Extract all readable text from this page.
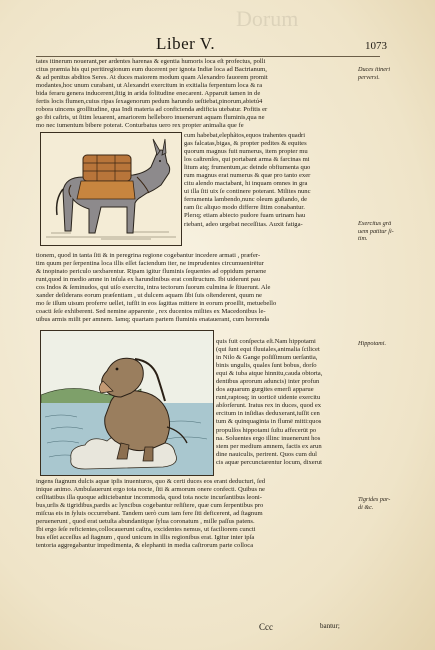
Dorum
Liber V.	1073
tates itinerum nouerant,per ardentes harenas & egentia humoris loca eſt profectus, polli
citus præmia his qui peritiregionum eum ducerent per ignota Indiæ loca ad Bactrianum,
& ad penitus abditos Seres. At duces maiorem modum quam Alexandro fauorem promit
modantes,hoc unum curabant, ut Alexandri exercitum in exitialia ferpentum loca & ra
bida feraru genera inducerent,ſitig in arida folitudine enecarent. Apparuit tamen in de
fertis locis flumen,cuius ripas ſexagenorum pedum harundo ueſtiebat,pinorum,abietú4
robora uincens groſſitudine, qua Indi materia ad conficienda ædificia utebatur. Pofitis er
go ibi caſtris, ut ſitim leuarent, amariorem helleboro inuenerunt aquam fluminis,qua ne
mo nec iumentum bibere poterat. Conturbatus uero rex propter animalia que fe
cum habebat,elephãtos,equos trahentes quadri
gas falcatas,bigas, & propter pedites & equites
quorum magnus fuit numerus, item propter mu
los caſtrenſes, qui portabant arma & farcinas mi
litum atq; frumentum,ac deinde obfiumenta quo
rum magnus erat numerus & quæ pro tanto exer
citu alendo mactabant, hi inquam omnes in gra
ui illa ſiti uix ſe continere poterant. Milites nunc
ferramenta lambendo,nunc oleum guſtando, de
ram ſic aliquo modo differre ſitim conabantur.
Plerıq; etiam abiecto pudore fuam urinam hau
riebant, adeo urgebat neceſſitas. Auxit fatiga-
tionem, quod in tanta ſiti & in peregrina regione cogebantur incedere armati , præfer-
tim quum per ſerpentina loca illis eſſet faciendum iter, ne imprudentes circumuenirētur
& inopinato periculo uexbarentur. Ripam igitur fluminis ſequentes ad oppidum peruene
runt,quod in medio amne in inſula ex harundinibus erat conſtructum. Ibi uiderunt pau
cos Indos & ſeminudos, qui uiſo exercitu, intra tectorum ſuorum culmina ſe ſtiuerunt. Ale
xander deſiderans eorum præſentiam , ut dulcem aquam ſibi ſuis oſtenderent, quum ne
mo ſe iſſum uisum proferre uellet, iufſit in eos ſagittas mittere in eorum proeſſit, metuebello
coacti ſeſe exhiberent. Sed nemine apparente , rex ducentos milites ex Macedonibus le-
uibus armis miſit per amnem. Iamq; quartam partem fluminis enatauerant, cum horrenda
quis fuit conſpecta eſt.Nam hippotami
(qui ſunt equi fluuiales,animalia ſcilicet
in Nilo & Gange poſiſſimum uerſantia,
binis ungulis, quales ſunt bobus, dorſo
equi & iuba atque hinnitu,cauda obtorta,
dentibus aprorum aduncis) inter profun
dos aquarum gurgites emerſi apparue
runt,raptosq; in uorticē uidente exercitu
abſorſerunt. Iratus rex in duces, quod ex
ercitum in inſidias deduxerant,iuſſit cen
tum & quinquaginta in flumē mitti:quos
propulſos hippotami ſuſtu affecerūt po
na. Soluentes ergo illinc inuenerunt hos
stem per medium amnem, factis ex arun
dine nauiculis, perirent. Quos cum dul
cis aquæ percunctarentur locum, dixerut
ingens ſtagnum dulcis aquæ ipſis inuenturos, quo & certi duces eos erant deducturi, ſed
inique animo. Ambulauerunt ergo tota nocte, ſiti & armorum onere confecti. Quibus ne
ceſſitatibus illa quoque adiiciebantur incommoda, quod tota nocte incurſantibus leoni-
bus,urſis & tigridibus,pardis ac lyncibus cogebantur reſiſtere, quæ cum ſerpentibus pro
miſcua eis in ſyluis occurrebant. Tandem uerò cum iam fere ſiti deficerent, ad ſtagnum
peruenerunt , quod erat uetuſta abundantique ſylua coronatum , mille paſſus patens.
Ibi ergo ſeſe reficientes,collocauerunt caſtra, excidentes nemus, ut faciliorem cuncti
bus eſſet acceſſus ad ſtagnum , quod unicum in illis regionibus erat. Igitur inter ipſa
tentoria aggregabantur impedimenta, & elephanti in media caſtrorum parte colloca
Duces itineri
perversi.
Exercitus grā
uem patitur ſi-
tim.
Hippotami.
Tigrides par-
di &c.
Ccc	bantur;
